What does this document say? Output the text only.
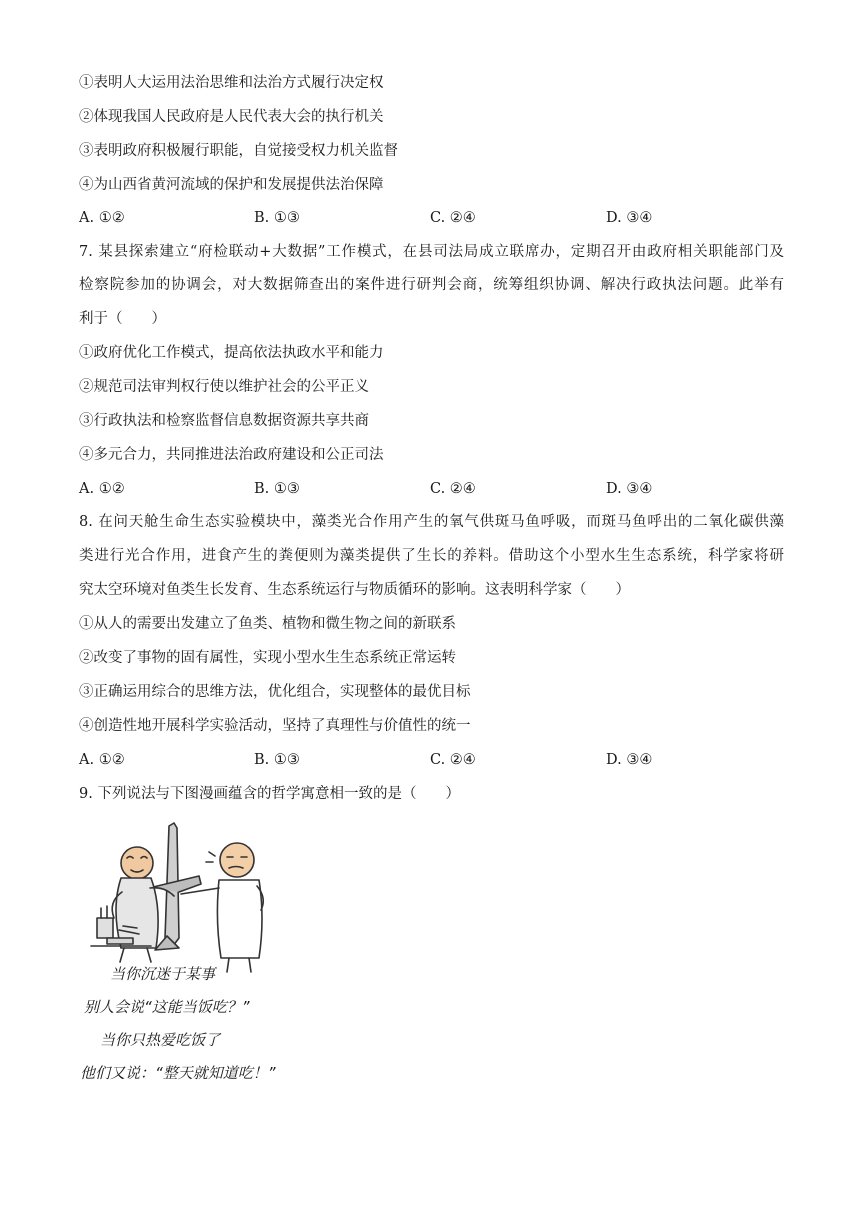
①表明人大运用法治思维和法治方式履行决定权
②体现我国人民政府是人民代表大会的执行机关
③表明政府积极履行职能，自觉接受权力机关监督
④为山西省黄河流域的保护和发展提供法治保障
A. ①②	B. ①③	C. ②④	D. ③④
7. 某县探索建立“府检联动+大数据”工作模式，在县司法局成立联席办，定期召开由政府相关职能部门及
检察院参加的协调会，对大数据筛查出的案件进行研判会商，统筹组织协调、解决行政执法问题。此举有
利于（　　）
①政府优化工作模式，提高依法执政水平和能力
②规范司法审判权行使以维护社会的公平正义
③行政执法和检察监督信息数据资源共享共商
④多元合力，共同推进法治政府建设和公正司法
A. ①②	B. ①③	C. ②④	D. ③④
8. 在问天舱生命生态实验模块中，藻类光合作用产生的氧气供斑马鱼呼吸，而斑马鱼呼出的二氧化碳供藻
类进行光合作用，进食产生的粪便则为藻类提供了生长的养料。借助这个小型水生生态系统，科学家将研
究太空环境对鱼类生长发育、生态系统运行与物质循环的影响。这表明科学家（　　）
①从人的需要出发建立了鱼类、植物和微生物之间的新联系
②改变了事物的固有属性，实现小型水生生态系统正常运转
③正确运用综合的思维方法，优化组合，实现整体的最优目标
④创造性地开展科学实验活动，坚持了真理性与价值性的统一
A. ①②	B. ①③	C. ②④	D. ③④
9. 下列说法与下图漫画蕴含的哲学寓意相一致的是（　　）
当你沉迷于某事
别人会说“这能当饭吃？”
当你只热爱吃饭了
他们又说：“整天就知道吃！”
